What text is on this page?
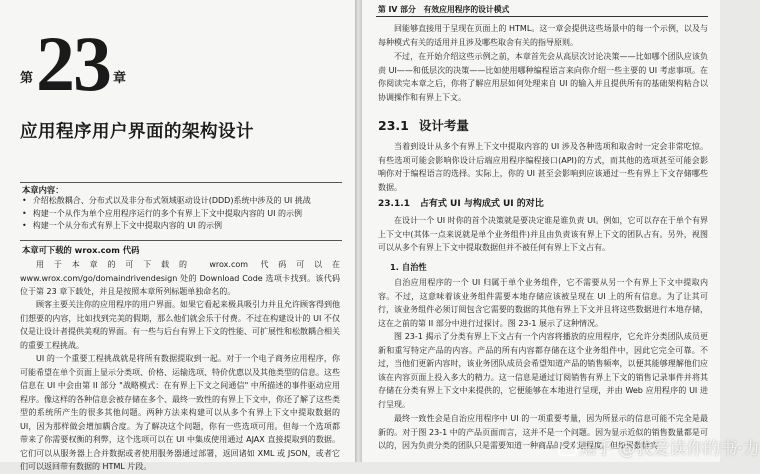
第 23 章
应用程序用户界面的架构设计
本章内容：
• 介绍松散耦合、分布式以及非分布式领域驱动设计(DDD)系统中涉及的 UI 挑战
• 构建一个从作为单个应用程序运行的多个有界上下文中提取内容的 UI 的示例
• 构建一个从分布式有界上下文中提取内容的 UI 的示例
本章可下载的 wrox.com 代码

用于本章的可下载的 wrox.com 代码可以在 www.wrox.com/go/domaindrivendesign 处的 Download Code 选项卡找到。该代码位于第 23 章下载处，并且是按照本章所列标题单独命名的。

顾客主要关注你的应用程序的用户界面。如果它看起来极具吸引力并且允许顾客得到他们想要的内容，比如找到完美的假期，那么他们就会乐于付费。不过在构建设计的 UI 不仅仅是让设计者提供美观的界面。有一些与后台有界上下文的性能、可扩展性和松散耦合相关的重要工程挑战。

UI 的一个重要工程挑战就是将所有数据提取到一起。对于一个电子商务应用程序，你可能希望在单个页面上显示分类项、价格、运输选项、特价优惠以及其他类型的信息。这些信息在 UI 中会由第 II 部分 "战略模式：在有界上下文之间通信" 中所描述的事件驱动应用程序。像这样的各种信息会被存储在多个、最终一致性的有界上下文中，你还了解了这些类型的系统所产生的很多其他问题。两种方法来构建可以从多个有界上下文中提取数据的 UI，因为那样做会增加耦合度。为了解决这个问题，你有一些选项可用。但每一个选项都带来了你需要权衡的利弊，这个选项可以在 UI 中集成使用通过 AJAX 直接提取到的数据。它们可以从服务器上合并数据或者使用服务器通过部署，返回诸如 XML 或 JSON，或者它们可以返回带有数据的 HTML 片段。

第 IV 部分　有效应用程序的设计模式

回能够直接用于呈现在页面上的 HTML。这一章会提供这些场景中的每一个示例，以及与每种模式有关的适用并且涉及哪些取舍有关的指导原则。

不过，在开始介绍这些示例之前，本章首先会从高层次讨论决策——比如哪个团队应该负责 UI——和低层次的决策——比如使用哪种编程语言来向你介绍一些主要的 UI 考虑事项。在你阅读完本章之后，你将了解应用层如何处理来自 UI 的输入并且提供所有的基础架构粘合以协调操作和有界上下文。

23.1 设计考量

当着到设计从多个有界上下文中提取内容的 UI 涉及各种选项和取舍时一定会非常吃惊。有些选项可能会影响你设计后端应用程序编程接口(API)的方式，而其他的选项甚至可能会影响你对于编程语言的选择。实际上，你的 UI 甚至会影响到应该通过一些有界上下文存储哪些数据。

23.1.1 占有式 UI 与构成式 UI 的对比

在设计一个 UI 时你的首个决策就是要决定谁是谁负责 UI。例如，它可以存在于单个有界上下文中(其体一点来说就是单个业务组件)并且由负责该有界上下文的团队占有。另外，视图可以从多个有界上下文中提取数据但并不被任何有界上下文占有。

1. 自治性

自治应用程序的一个 UI 归属于单个业务组件，它不需要从另一个有界上下文中提取内容。不过，这意味着该业务组件需要本地存储应该被呈现在 UI 上的所有信息。为了让其可行，该业务组件必须订阅包含它需要的数据的其他有界上下文并且将这些数据进行本地存储，这在之前的第 II 部分中进行过探讨。图 23-1 展示了这种情况。

图 23-1 揭示了分类有界上下文占有一个内容将播放的应用程序，它允许分类团队成员更新和重写特定产品的内容。产品的所有内容都存储在这个业务组件中，因此它完全可靠。不过，当他们更新内容时，该业务团队成员会希望知道产品的销售频率，以便其能够理解他们应该在内容页面上投入多大的精力。这一信息是通过订阅销售有界上下文的销售记录事件并将其存储在分类有界上下文中来提供的，它便能够在本地进行呈现，并由 Web 应用程序的 UI 进行呈现。

最终一致性会是自治应用程序中 UI 的一项重要考量，因为所显示的信息可能不完全是最新的。对于图 23-1 中的产品页面而言，这并不是一个问题。因为显示近似的销售数量都是可以的，因为负责分类的团队只是需要知道一种商品的受欢迎程度。但如果数据实

知乎 @我爱读你的书·力
